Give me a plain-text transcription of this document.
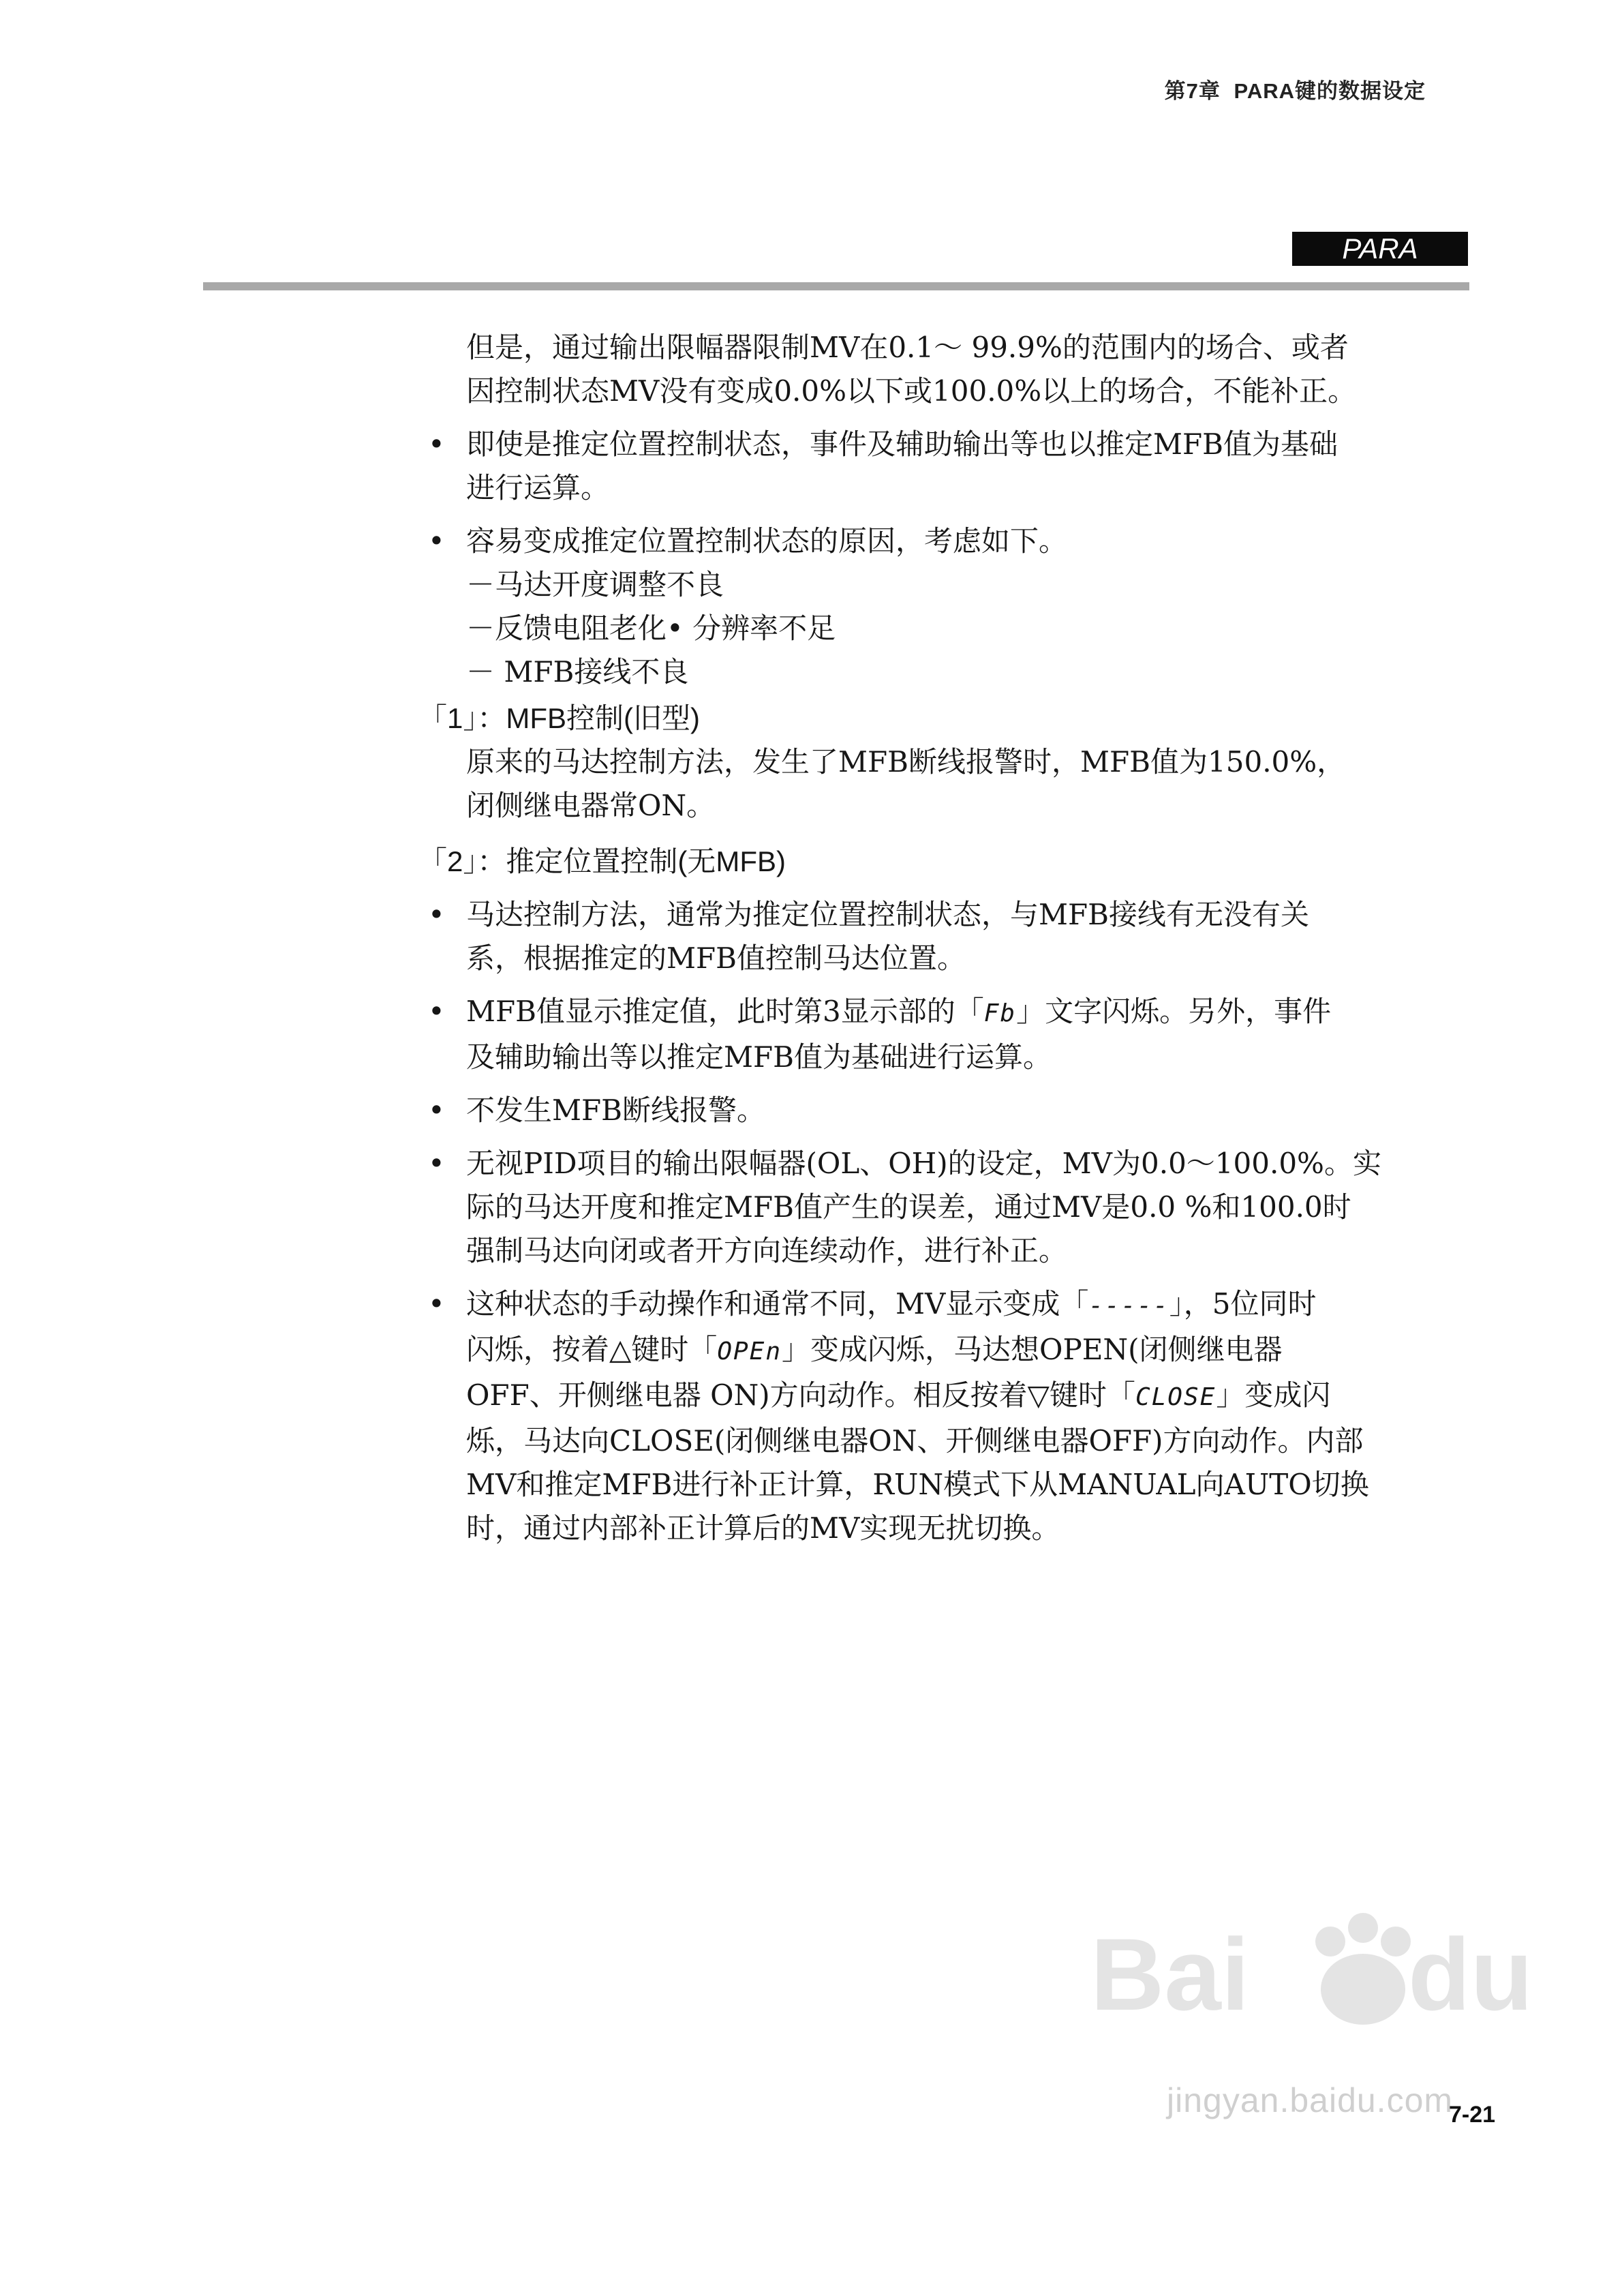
第7章 PARA键的数据设定
PARA
但是，通过输出限幅器限制MV在0.1～ 99.9%的范围内的场合、或者
因控制状态MV没有变成0.0%以下或100.0%以上的场合，不能补正。
• 即使是推定位置控制状态，事件及辅助输出等也以推定MFB值为基础
进行运算。
• 容易变成推定位置控制状态的原因，考虑如下。
－马达开度调整不良
－反馈电阻老化• 分辨率不足
－ MFB接线不良
「1」：MFB控制(旧型)
原来的马达控制方法，发生了MFB断线报警时，MFB值为150.0%，
闭侧继电器常ON。
「2」：推定位置控制(无MFB)
• 马达控制方法，通常为推定位置控制状态，与MFB接线有无没有关
系，根据推定的MFB值控制马达位置。
• MFB值显示推定值，此时第3显示部的「Fb」文字闪烁。另外，事件
及辅助输出等以推定MFB值为基础进行运算。
• 不发生MFB断线报警。
• 无视PID项目的输出限幅器(OL、OH)的设定，MV为0.0～100.0%。实
际的马达开度和推定MFB值产生的误差，通过MV是0.0 %和100.0时
强制马达向闭或者开方向连续动作，进行补正。
• 这种状态的手动操作和通常不同，MV显示变成「-----」，5位同时
闪烁，按着△键时「OPEn」变成闪烁，马达想OPEN(闭侧继电器
OFF、开侧继电器 ON)方向动作。相反按着▽键时「CLOSE」变成闪
烁，马达向CLOSE(闭侧继电器ON、开侧继电器OFF)方向动作。内部
MV和推定MFB进行补正计算，RUN模式下从MANUAL向AUTO切换
时，通过内部补正计算后的MV实现无扰切换。
Bai du
jingyan.baidu.com
7-21
